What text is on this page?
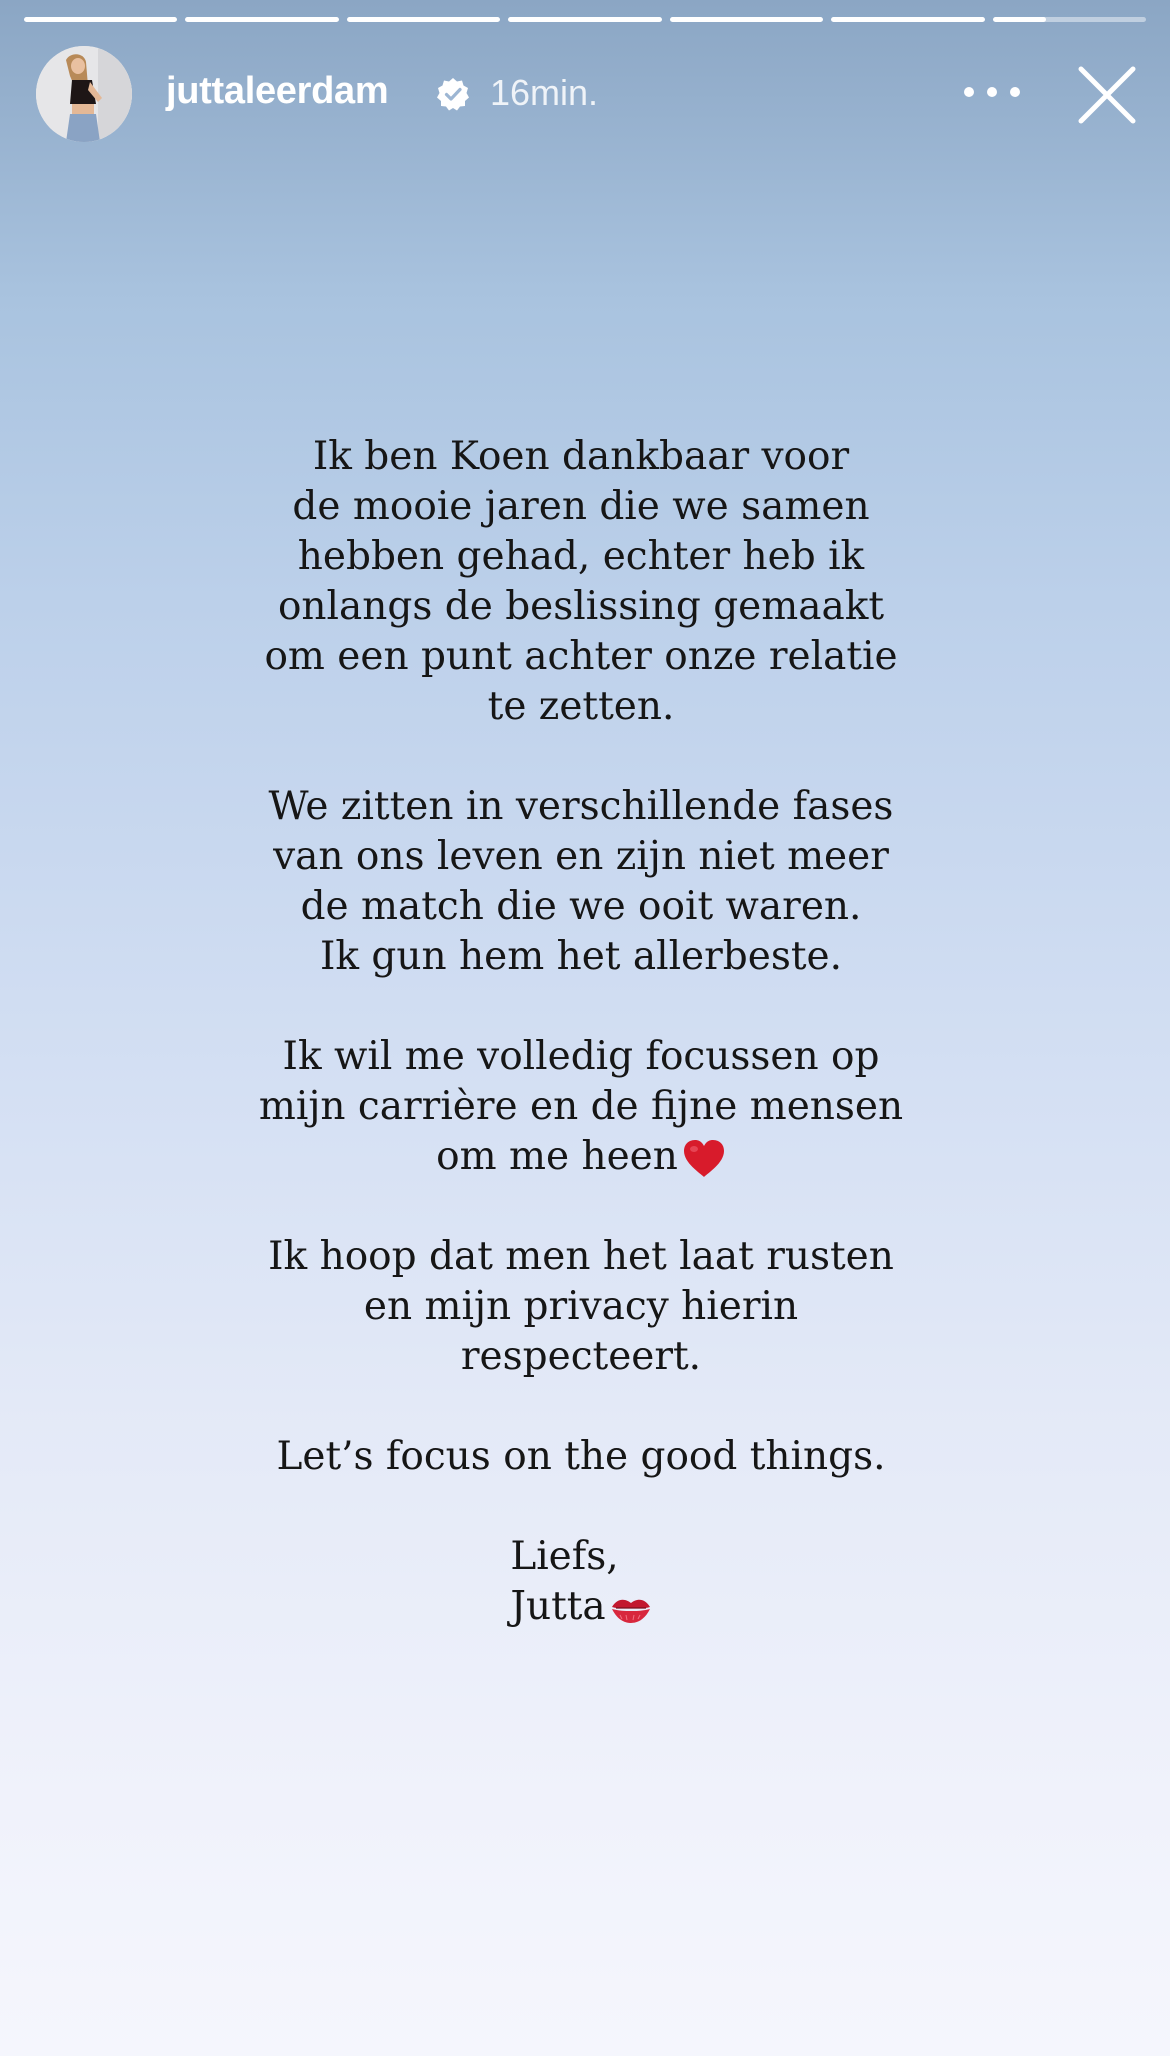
juttaleerdam	16min.
Ik ben Koen dankbaar voor
de mooie jaren die we samen
hebben gehad, echter heb ik
onlangs de beslissing gemaakt
om een punt achter onze relatie
te zetten.
We zitten in verschillende fases
van ons leven en zijn niet meer
de match die we ooit waren.
Ik gun hem het allerbeste.
Ik wil me volledig focussen op
mijn carrière en de fijne mensen
om me heen
Ik hoop dat men het laat rusten
en mijn privacy hierin
respecteert.
Let’s focus on the good things.
Liefs,
Jutta
